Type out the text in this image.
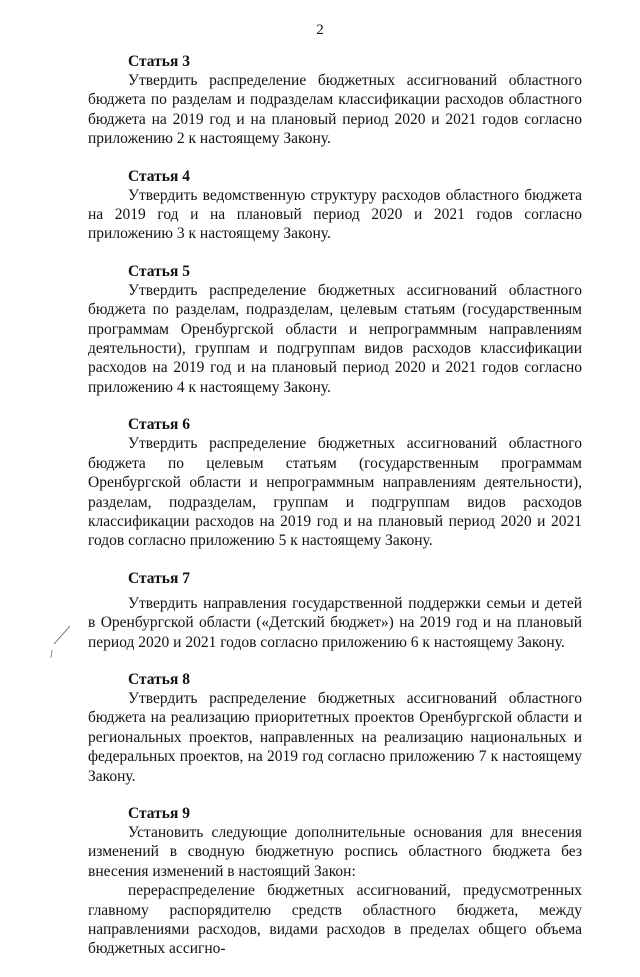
2
Статья 3

Утвердить распределение бюджетных ассигнований областного бюджета по разделам и подразделам классификации расходов областного бюджета на 2019 год и на плановый период 2020 и 2021 годов согласно приложению 2 к настоящему Закону.

Статья 4

Утвердить ведомственную структуру расходов областного бюджета на 2019 год и на плановый период 2020 и 2021 годов согласно приложению 3 к настоящему Закону.

Статья 5

Утвердить распределение бюджетных ассигнований областного бюджета по разделам, подразделам, целевым статьям (государственным программам Оренбургской области и непрограммным направлениям деятельности), группам и подгруппам видов расходов классификации расходов на 2019 год и на плановый период 2020 и 2021 годов согласно приложению 4 к настоящему Закону.

Статья 6

Утвердить распределение бюджетных ассигнований областного бюджета по целевым статьям (государственным программам Оренбургской области и непрограммным направлениям деятельности), разделам, подразделам, группам и подгруппам видов расходов классификации расходов на 2019 год и на плановый период 2020 и 2021 годов согласно приложению 5 к настоящему Закону.

Статья 7

Утвердить направления государственной поддержки семьи и детей в Оренбургской области («Детский бюджет») на 2019 год и на плановый период 2020 и 2021 годов согласно приложению 6 к настоящему Закону.

Статья 8

Утвердить распределение бюджетных ассигнований областного бюджета на реализацию приоритетных проектов Оренбургской области и региональных проектов, направленных на реализацию национальных и федеральных проектов, на 2019 год согласно приложению 7 к настоящему Закону.

Статья 9

Установить следующие дополнительные основания для внесения изменений в сводную бюджетную роспись областного бюджета без внесения изменений в настоящий Закон:

перераспределение бюджетных ассигнований, предусмотренных главному распорядителю средств областного бюджета, между направлениями расходов, видами расходов в пределах общего объема бюджетных ассигно-
